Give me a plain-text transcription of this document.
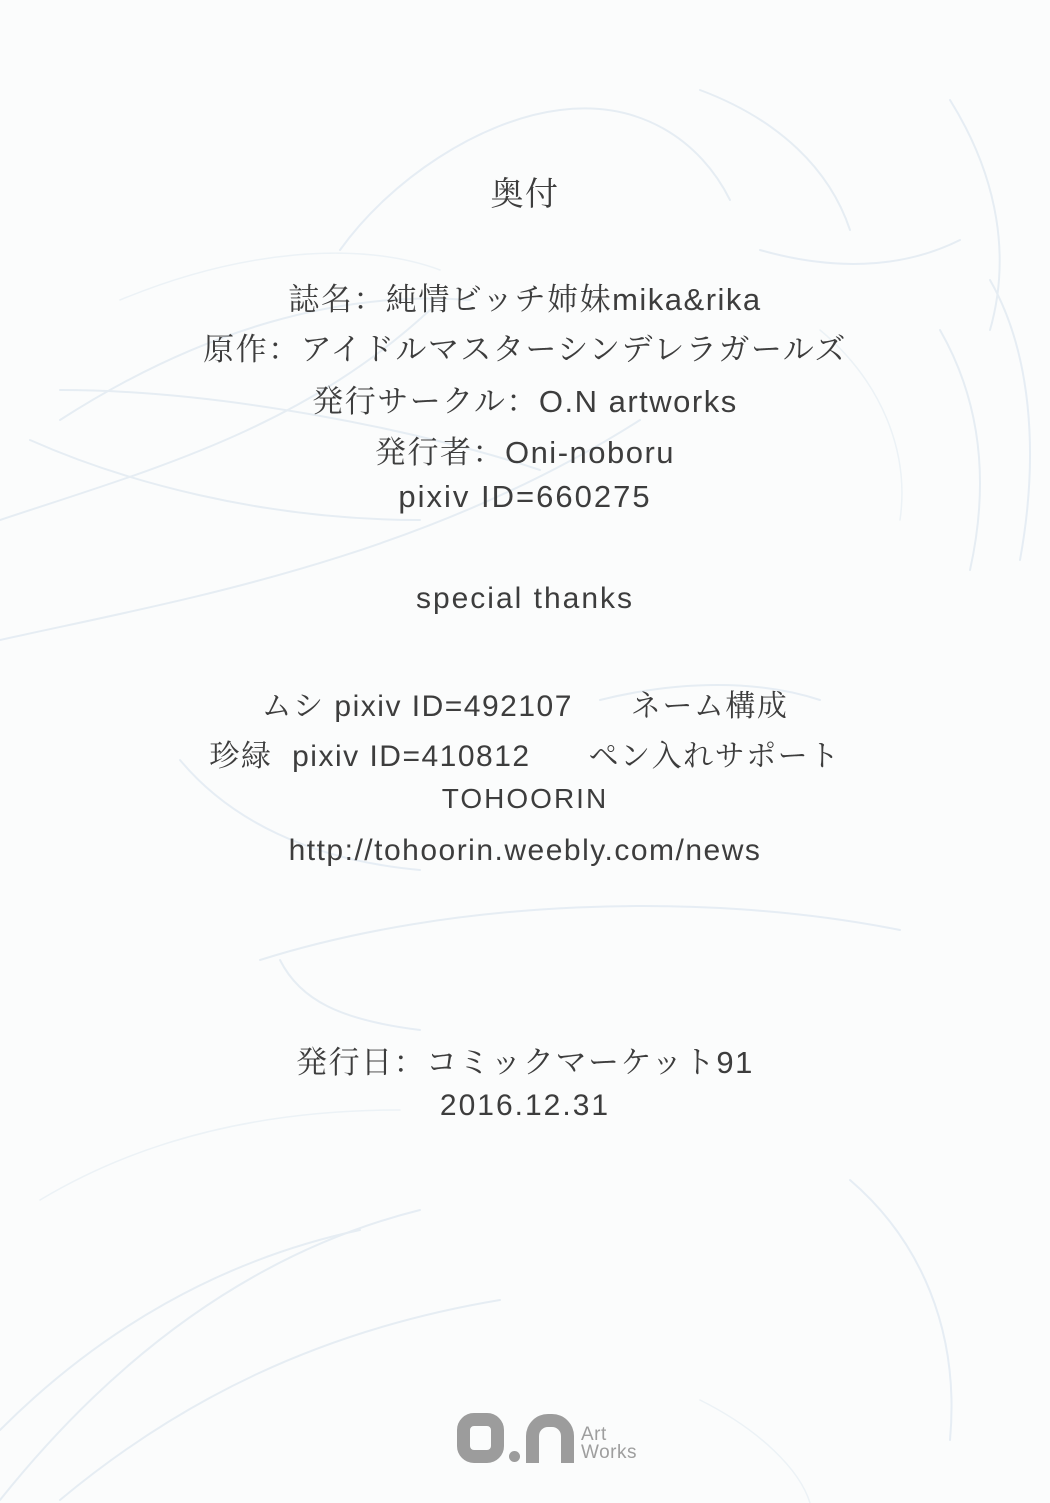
奥付
誌名：純情ビッチ姉妹mika&rika
原作：アイドルマスターシンデレラガールズ
発行サークル：O.N artworks
発行者：Oni-noboru
pixiv ID=660275
special thanks
ムシ pixiv ID=492107 ネーム構成
珍緑  pixiv ID=410812 ペン入れサポート
TOHOORIN
http://tohoorin.weebly.com/news
発行日：コミックマーケット91
2016.12.31
Art
Works
